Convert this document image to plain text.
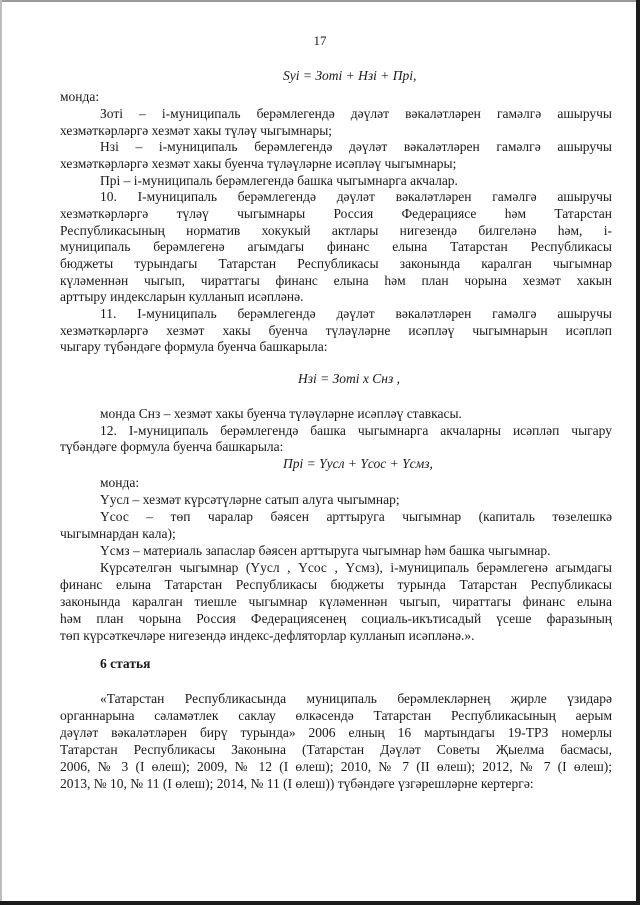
17
Sуi = Зотi + Нзi + Прi,
монда:
Зотi – i-муниципаль берәмлегендә дәүләт вәкаләтләрен гамәлгә ашыручы
хезмәткәрләргә хезмәт хакы түләү чыгымнары;
Нзi – i-муниципаль берәмлегендә дәүләт вәкаләтләрен гамәлгә ашыручы
хезмәткәрләргә хезмәт хакы буенча түләүләрне исәпләү чыгымнары;
Прi – i-муниципаль берәмлегендә башка чыгымнарга акчалар.
10. I-муниципаль берәмлегендә дәүләт вәкаләтләрен гамәлгә ашыручы
хезмәткәрләргә түләү чыгымнары Россия Федерациясе һәм Татарстан
Республикасының норматив хокукый актлары нигезендә билгеләнә һәм, i-
муниципаль берәмлегенә агымдагы финанс елына Татарстан Республикасы
бюджеты турындагы Татарстан Республикасы законында каралган чыгымнар
күләменнән чыгып, чираттагы финанс елына һәм план чорына хезмәт хакын
арттыру индексларын кулланып исәпләнә.
11. I-муниципаль берәмлегендә дәүләт вәкаләтләрен гамәлгә ашыручы
хезмәткәрләргә хезмәт хакы буенча түләүләрне исәпләү чыгымнарын исәпләп
чыгару түбәндәге формула буенча башкарыла:
Нзi = Зотi x Снз ,
монда Снз – хезмәт хакы буенча түләүләрне исәпләү ставкасы.
12. I-муниципаль берәмлегендә башка чыгымнарга акчаларны исәпләп чыгару
түбәндәге формула буенча башкарыла:
Прi = Yусл + Yсос + Yсмз,
монда:
Yусл – хезмәт күрсәтүләрне сатып алуга чыгымнар;
Yсос – төп чаралар бәясен арттыруга чыгымнар (капиталь төзелешкә
чыгымнардан кала);
Yсмз – материаль запаслар бәясен арттыруга чыгымнар һәм башка чыгымнар.
Күрсәтелгән чыгымнар (Yусл , Yсос , Yсмз), i-муниципаль берәмлегенә агымдагы
финанс елына Татарстан Республикасы бюджеты турында Татарстан Республикасы
законында каралган тиешле чыгымнар күләменнән чыгып, чираттагы финанс елына
һәм план чорына Россия Федерациясенең социаль-икътисадый үсеше фаразының
төп күрсәткечләре нигезендә индекс-дефляторлар кулланып исәпләнә.».
6 статья
«Татарстан Республикасында муниципаль берәмлекләрнең җирле үзидарә
органнарына сәламәтлек саклау өлкәсендә Татарстан Республикасының аерым
дәүләт вәкаләтләрен бирү турында» 2006 елның 16 мартындагы 19-ТРЗ номерлы
Татарстан Республикасы Законына (Татарстан Дәүләт Советы Җыелма басмасы,
2006, № 3 (I өлеш); 2009, № 12 (I өлеш); 2010, № 7 (II өлеш); 2012, № 7 (I өлеш);
2013, № 10, № 11 (I өлеш); 2014, № 11 (I өлеш)) түбәндәге үзгәрешләрне кертергә:
